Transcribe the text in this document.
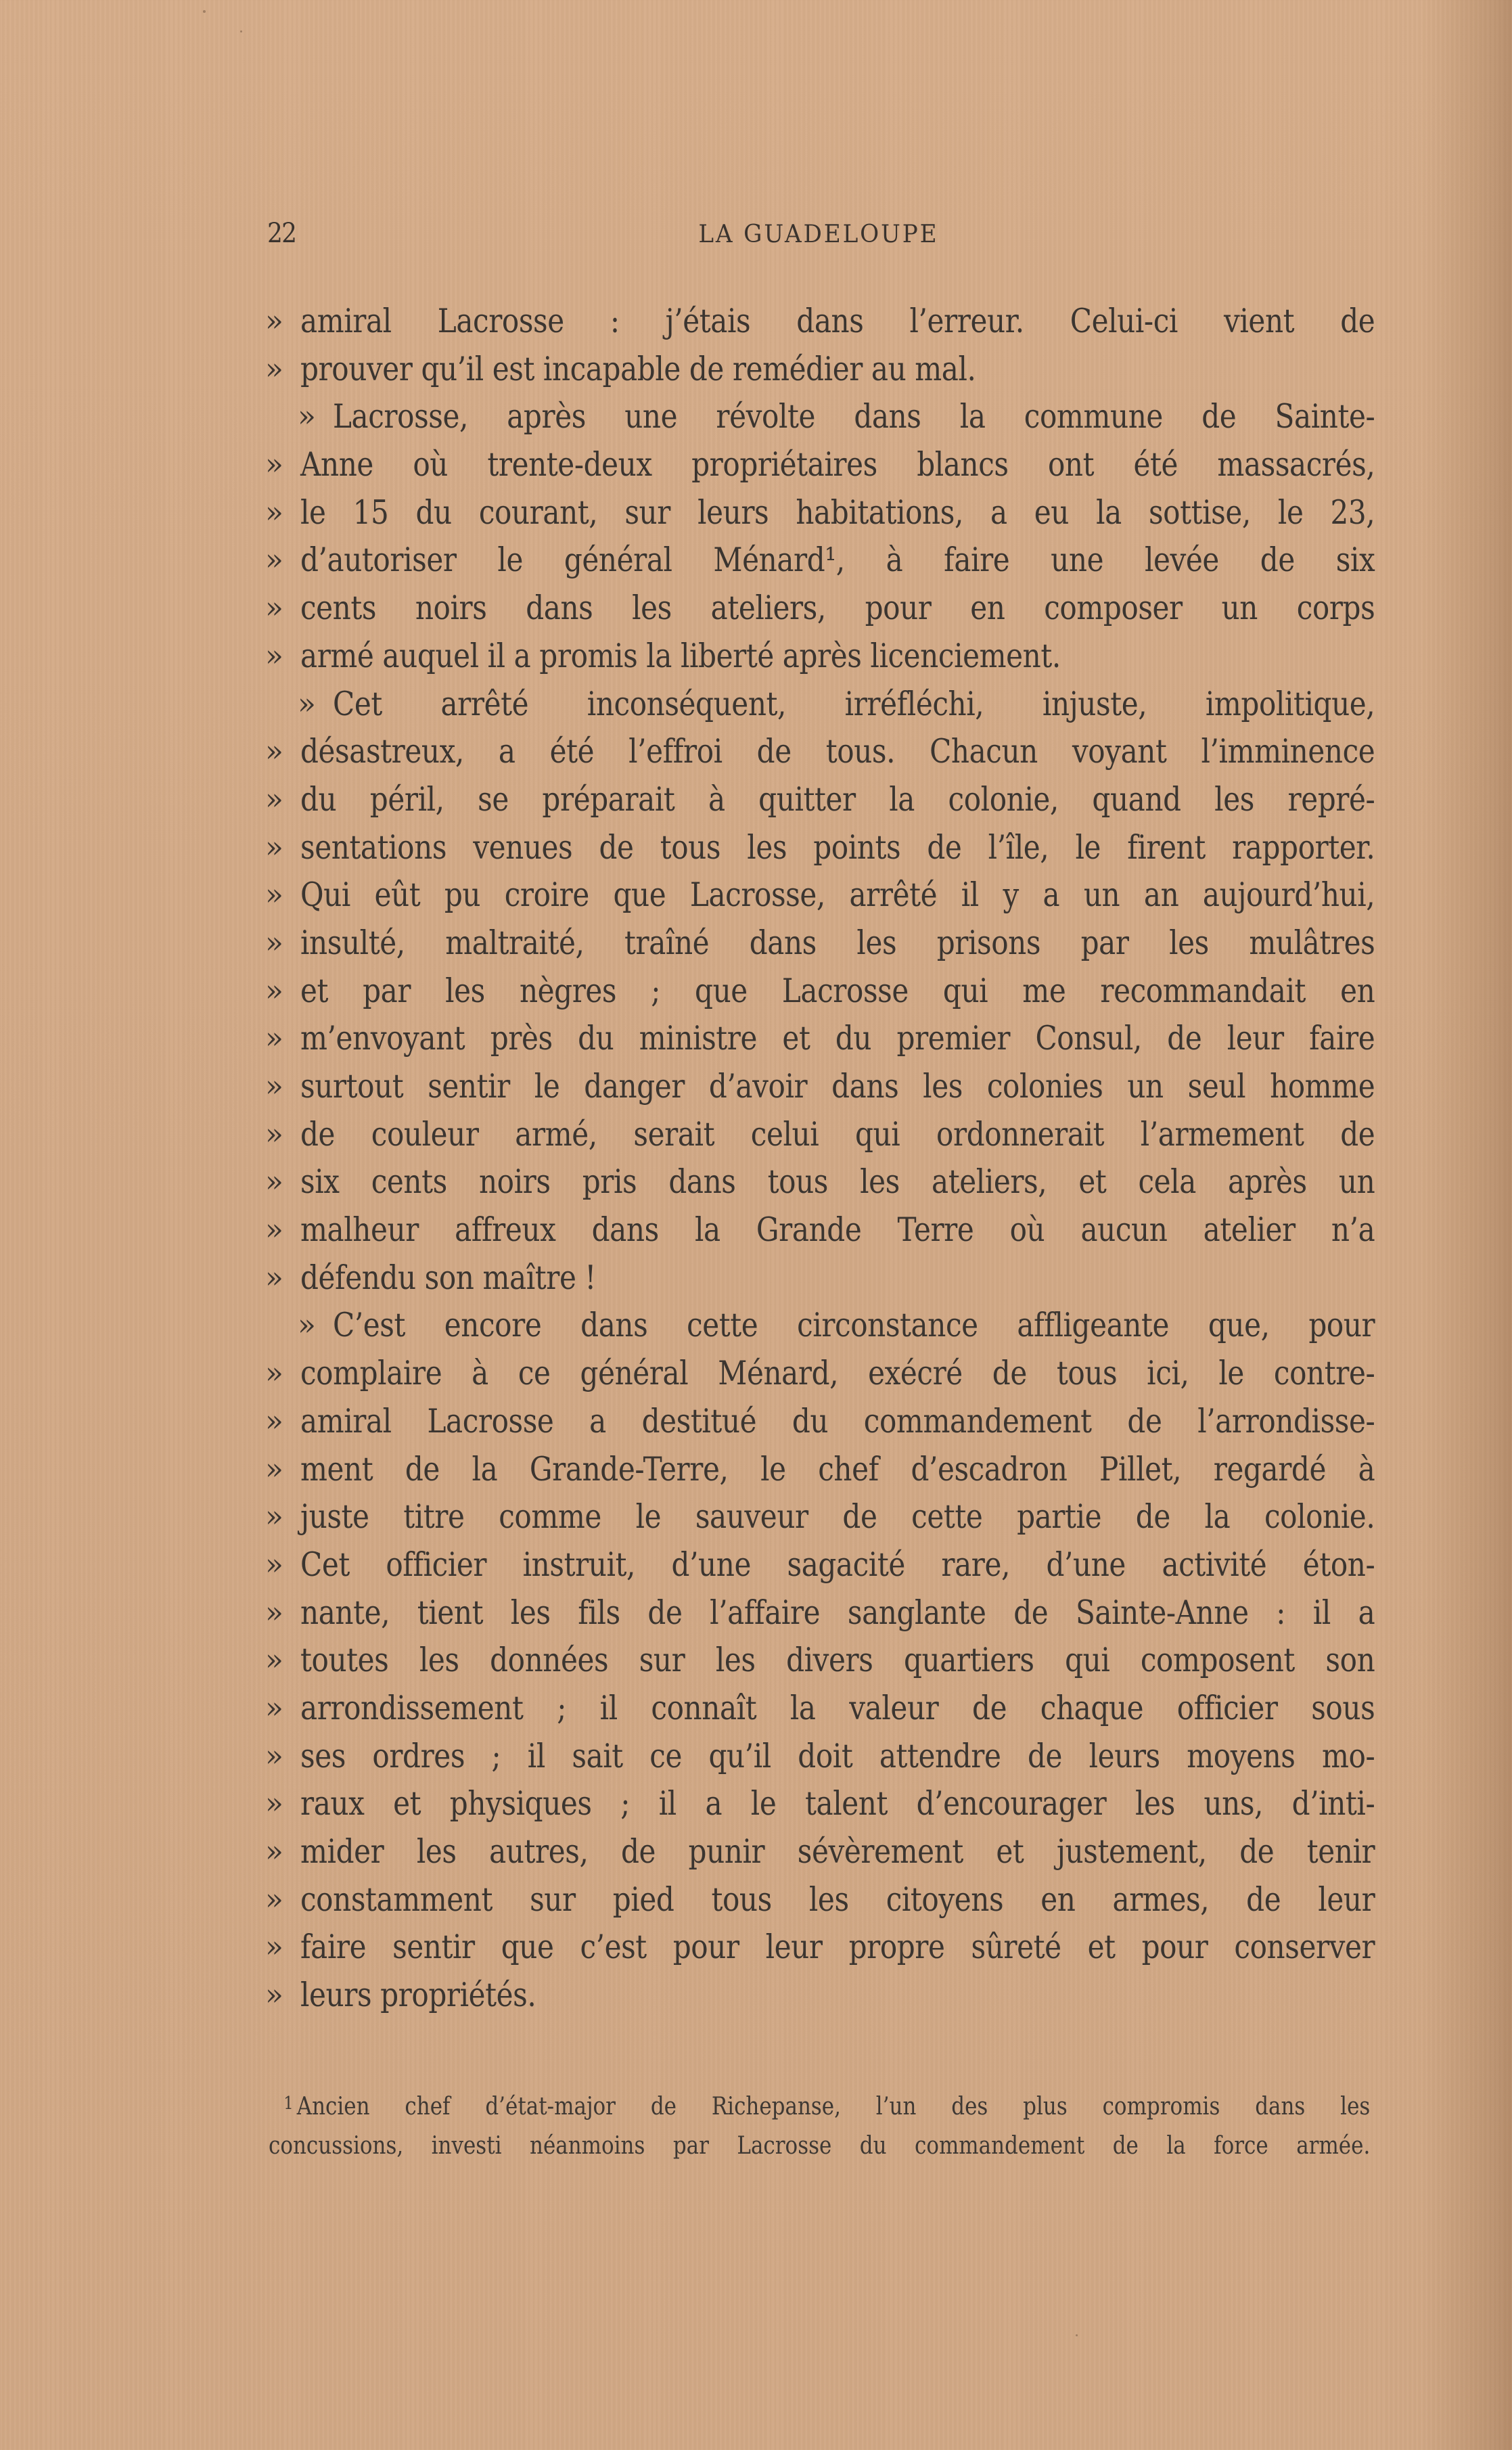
22	LA GUADELOUPE
» amiral Lacrosse : j’étais dans l’erreur. Celui-ci vient de
» prouver qu’il est incapable de remédier au mal.
» Lacrosse, après une révolte dans la commune de Sainte-
» Anne où trente-deux propriétaires blancs ont été massacrés,
» le 15 du courant, sur leurs habitations, a eu la sottise, le 23,
» d’autoriser le général Ménard¹, à faire une levée de six
» cents noirs dans les ateliers, pour en composer un corps
» armé auquel il a promis la liberté après licenciement.
» Cet arrêté inconséquent, irréfléchi, injuste, impolitique,
» désastreux, a été l’effroi de tous. Chacun voyant l’imminence
» du péril, se préparait à quitter la colonie, quand les repré-
» sentations venues de tous les points de l’île, le firent rapporter.
» Qui eût pu croire que Lacrosse, arrêté il y a un an aujourd’hui,
» insulté, maltraité, traîné dans les prisons par les mulâtres
» et par les nègres ; que Lacrosse qui me recommandait en
» m’envoyant près du ministre et du premier Consul, de leur faire
» surtout sentir le danger d’avoir dans les colonies un seul homme
» de couleur armé, serait celui qui ordonnerait l’armement de
» six cents noirs pris dans tous les ateliers, et cela après un
» malheur affreux dans la Grande Terre où aucun atelier n’a
» défendu son maître !
» C’est encore dans cette circonstance affligeante que, pour
» complaire à ce général Ménard, exécré de tous ici, le contre-
» amiral Lacrosse a destitué du commandement de l’arrondisse-
» ment de la Grande-Terre, le chef d’escadron Pillet, regardé à
» juste titre comme le sauveur de cette partie de la colonie.
» Cet officier instruit, d’une sagacité rare, d’une activité éton-
» nante, tient les fils de l’affaire sanglante de Sainte-Anne : il a
» toutes les données sur les divers quartiers qui composent son
» arrondissement ; il connaît la valeur de chaque officier sous
» ses ordres ; il sait ce qu’il doit attendre de leurs moyens mo-
» raux et physiques ; il a le talent d’encourager les uns, d’inti-
» mider les autres, de punir sévèrement et justement, de tenir
» constamment sur pied tous les citoyens en armes, de leur
» faire sentir que c’est pour leur propre sûreté et pour conserver
» leurs propriétés.
$^1$ Ancien chef d’état-major de Richepanse, l’un des plus compromis dans les
concussions, investi néanmoins par Lacrosse du commandement de la force armée.
